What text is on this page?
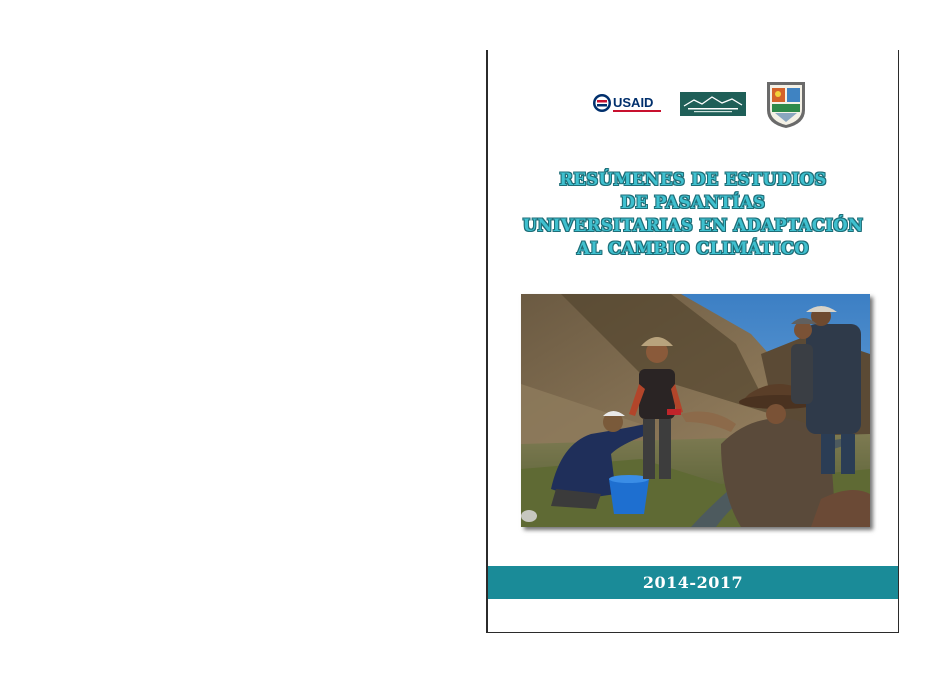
USAID
RESÚMENES DE ESTUDIOS
DE PASANTÍAS
UNIVERSITARIAS EN ADAPTACIÓN
AL CAMBIO CLIMÁTICO
2014-2017
